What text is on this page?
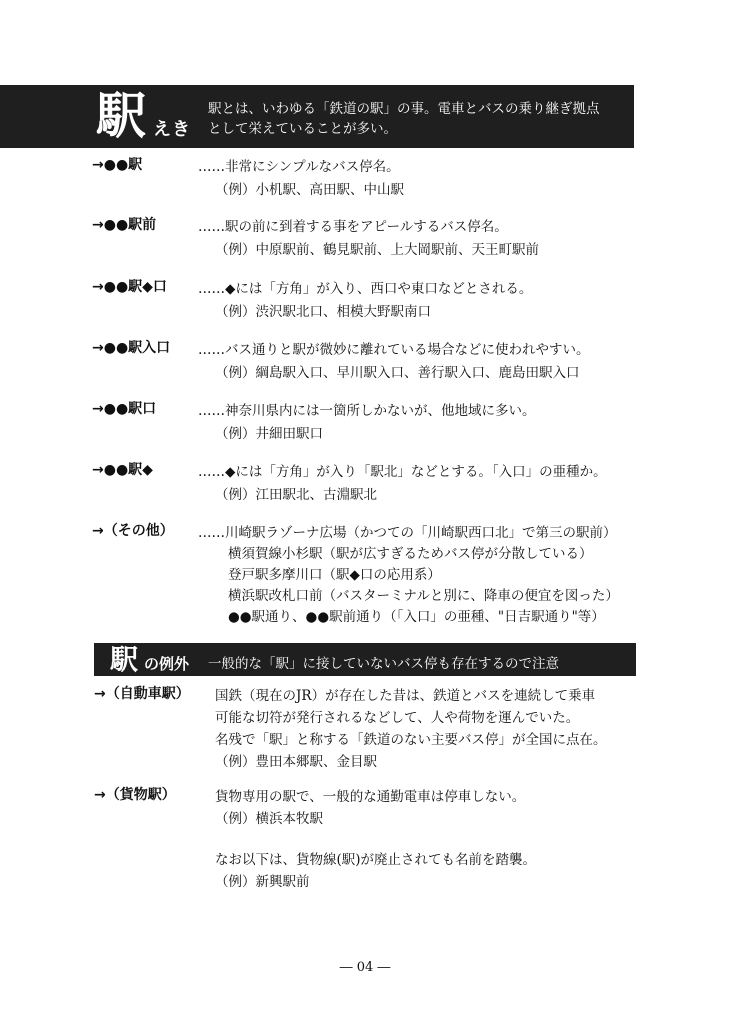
駅 えき
駅とは、いわゆる「鉄道の駅」の事。電車とバスの乗り継ぎ拠点
として栄えていることが多い。
→●●駅	……非常にシンプルなバス停名。
（例）小机駅、高田駅、中山駅
→●●駅前	……駅の前に到着する事をアピールするバス停名。
（例）中原駅前、鶴見駅前、上大岡駅前、天王町駅前
→●●駅◆口 ……◆には「方角」が入り、西口や東口などとされる。
（例）渋沢駅北口、相模大野駅南口
→●●駅入口 ……バス通りと駅が微妙に離れている場合などに使われやすい。
（例）綱島駅入口、早川駅入口、善行駅入口、鹿島田駅入口
→●●駅口	……神奈川県内には一箇所しかないが、他地域に多い。
（例）井細田駅口
→●●駅◆	……◆には「方角」が入り「駅北」などとする。「入口」の亜種か。
（例）江田駅北、古淵駅北
→（その他） ……川崎駅ラゾーナ広場（かつての「川崎駅西口北」で第三の駅前）
横須賀線小杉駅（駅が広すぎるためバス停が分散している）
登戸駅多摩川口（駅◆口の応用系）
横浜駅改札口前（バスターミナルと別に、降車の便宜を図った）
●●駅通り、●●駅前通り（「入口」の亜種、"日吉駅通り"等）
駅 の例外 一般的な「駅」に接していないバス停も存在するので注意
→（自動車駅） 国鉄（現在のJR）が存在した昔は、鉄道とバスを連続して乗車
可能な切符が発行されるなどして、人や荷物を運んでいた。
名残で「駅」と称する「鉄道のない主要バス停」が全国に点在。
（例）豊田本郷駅、金目駅
→（貨物駅）	貨物専用の駅で、一般的な通勤電車は停車しない。
（例）横浜本牧駅
なお以下は、貨物線(駅)が廃止されても名前を踏襲。
（例）新興駅前
― 04 ―
